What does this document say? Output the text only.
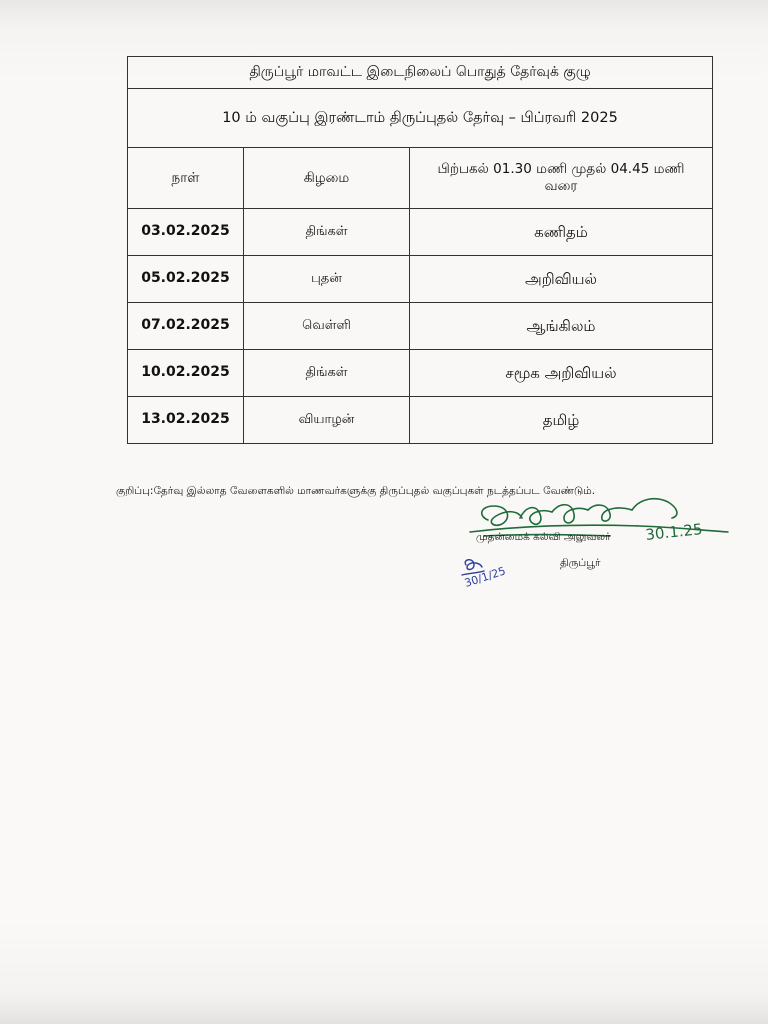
திருப்பூர் மாவட்ட இடைநிலைப் பொதுத் தேர்வுக் குழு		
10 ம் வகுப்பு இரண்டாம் திருப்புதல் தேர்வு – பிப்ரவரி 2025		
நாள்	கிழமை	பிற்பகல் 01.30 மணி முதல் 04.45 மணி வரை
03.02.2025	திங்கள்	கணிதம்
05.02.2025	புதன்	அறிவியல்
07.02.2025	வெள்ளி	ஆங்கிலம்
10.02.2025	திங்கள்	சமூக அறிவியல்
13.02.2025	வியாழன்	தமிழ்
குறிப்பு:தேர்வு இல்லாத வேளைகளில் மாணவர்களுக்கு திருப்புதல் வகுப்புகள் நடத்தப்பட வேண்டும்.
30.1.25
முதன்மைக் கல்வி அலுவலர்
திருப்பூர்
30/1/25
